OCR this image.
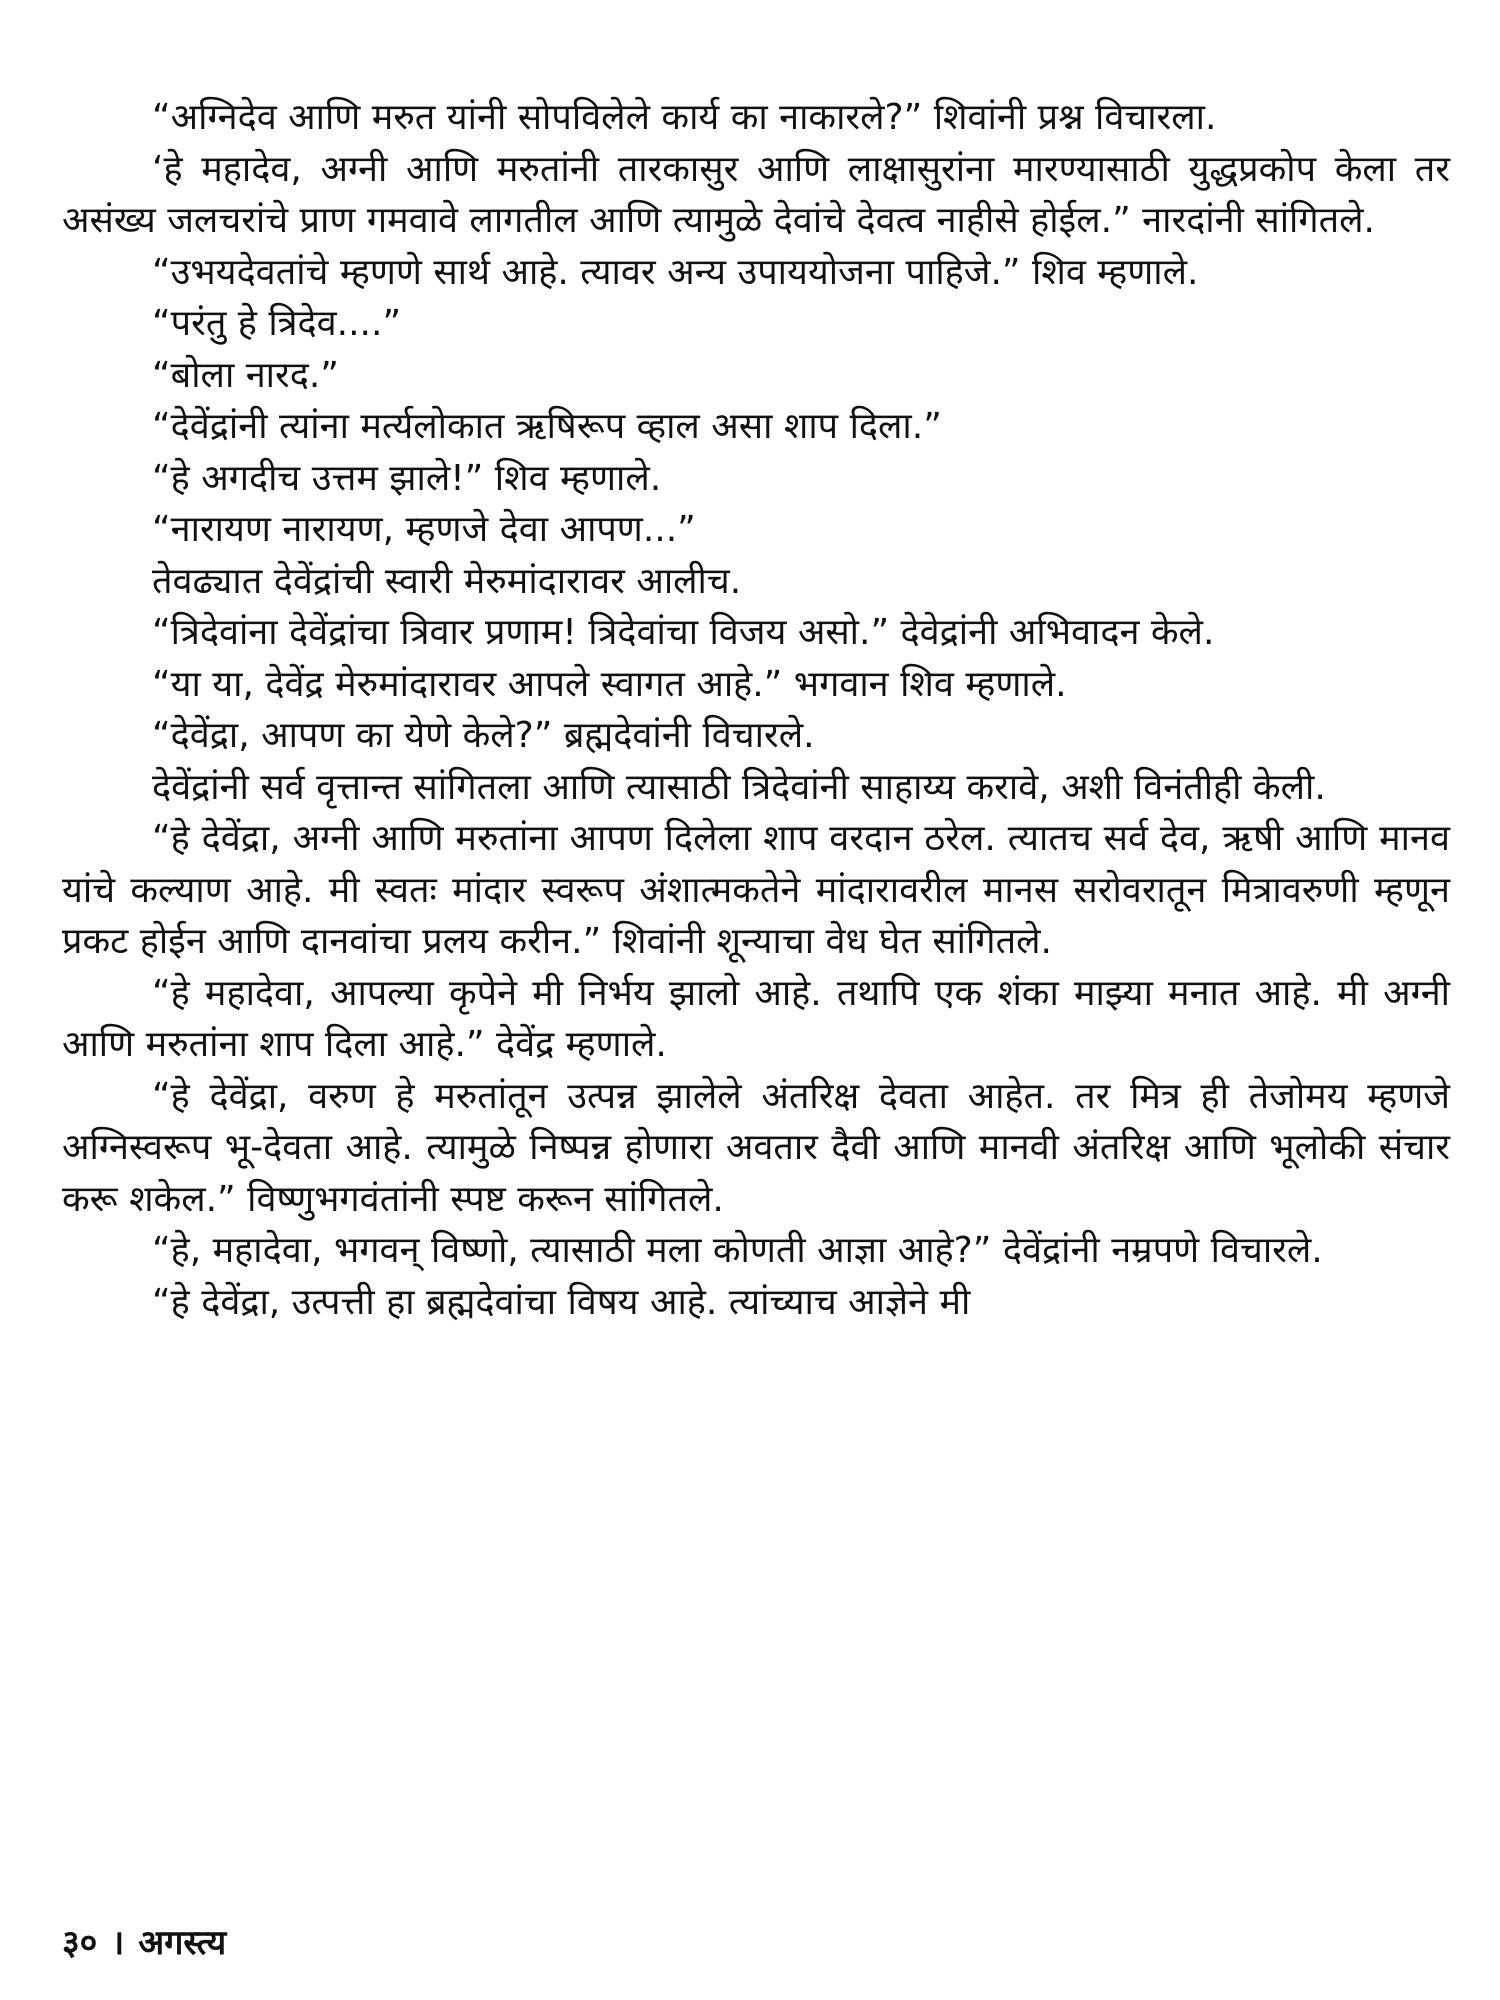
“अग्निदेव आणि मरुत यांनी सोपविलेले कार्य का नाकारले?” शिवांनी प्रश्न विचारला.

‘हे महादेव, अग्नी आणि मरुतांनी तारकासुर आणि लाक्षासुरांना मारण्यासाठी युद्धप्रकोप केला तर असंख्य जलचरांचे प्राण गमवावे लागतील आणि त्यामुळे देवांचे देवत्व नाहीसे होईल.” नारदांनी सांगितले.

“उभयदेवतांचे म्हणणे सार्थ आहे. त्यावर अन्य उपाययोजना पाहिजे.” शिव म्हणाले.

“परंतु हे त्रिदेव....”

“बोला नारद.”

“देवेंद्रांनी त्यांना मर्त्यलोकात ऋषिरूप व्हाल असा शाप दिला.”

“हे अगदीच उत्तम झाले!” शिव म्हणाले.

“नारायण नारायण, म्हणजे देवा आपण...”

तेवढ्यात देवेंद्रांची स्वारी मेरुमांदारावर आलीच.

“त्रिदेवांना देवेंद्रांचा त्रिवार प्रणाम! त्रिदेवांचा विजय असो.” देवेद्रांनी अभिवादन केले.

“या या, देवेंद्र मेरुमांदारावर आपले स्वागत आहे.” भगवान शिव म्हणाले.

“देवेंद्रा, आपण का येणे केले?” ब्रह्मदेवांनी विचारले.

देवेंद्रांनी सर्व वृत्तान्त सांगितला आणि त्यासाठी त्रिदेवांनी साहाय्य करावे, अशी विनंतीही केली.

“हे देवेंद्रा, अग्नी आणि मरुतांना आपण दिलेला शाप वरदान ठरेल. त्यातच सर्व देव, ऋषी आणि मानव यांचे कल्याण आहे. मी स्वतः मांदार स्वरूप अंशात्मकतेने मांदारावरील मानस सरोवरातून मित्रावरुणी म्हणून प्रकट होईन आणि दानवांचा प्रलय करीन.” शिवांनी शून्याचा वेध घेत सांगितले.

“हे महादेवा, आपल्या कृपेने मी निर्भय झालो आहे. तथापि एक शंका माझ्या मनात आहे. मी अग्नी आणि मरुतांना शाप दिला आहे.” देवेंद्र म्हणाले.

“हे देवेंद्रा, वरुण हे मरुतांतून उत्पन्न झालेले अंतरिक्ष देवता आहेत. तर मित्र ही तेजोमय म्हणजे अग्निस्वरूप भू-देवता आहे. त्यामुळे निष्पन्न होणारा अवतार दैवी आणि मानवी अंतरिक्ष आणि भूलोकी संचार करू शकेल.” विष्णुभगवंतांनी स्पष्ट करून सांगितले.

“हे, महादेवा, भगवन् विष्णो, त्यासाठी मला कोणती आज्ञा आहे?” देवेंद्रांनी नम्रपणे विचारले.

“हे देवेंद्रा, उत्पत्ती हा ब्रह्मदेवांचा विषय आहे. त्यांच्याच आज्ञेने मी

३० । अगस्त्य
